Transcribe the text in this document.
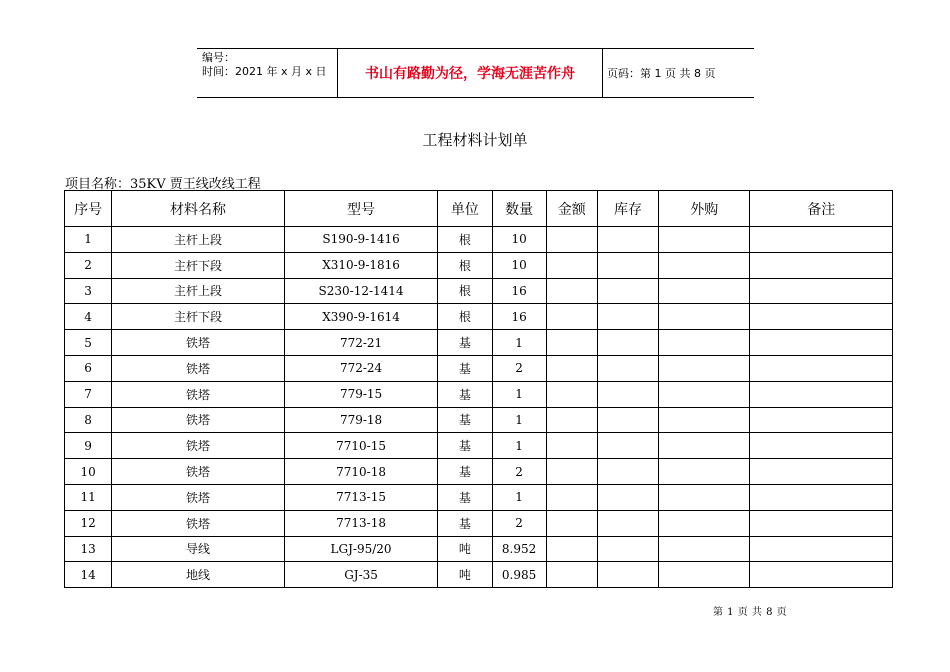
编号：
时间：2021 年 x 月 x 日	书山有路勤为径，学海无涯苦作舟	页码：第 1 页 共 8 页
工程材料计划单
项目名称：35KV 贾王线改线工程
序号	材料名称	型号	单位	数量	金额	库存	外购	备注
1	主杆上段	S190-9-1416	根	10				
2	主杆下段	X310-9-1816	根	10				
3	主杆上段	S230-12-1414	根	16				
4	主杆下段	X390-9-1614	根	16				
5	铁塔	772-21	基	1				
6	铁塔	772-24	基	2				
7	铁塔	779-15	基	1				
8	铁塔	779-18	基	1				
9	铁塔	7710-15	基	1				
10	铁塔	7710-18	基	2				
11	铁塔	7713-15	基	1				
12	铁塔	7713-18	基	2				
13	导线	LGJ-95/20	吨	8.952				
14	地线	GJ-35	吨	0.985				
第 1 页 共 8 页
